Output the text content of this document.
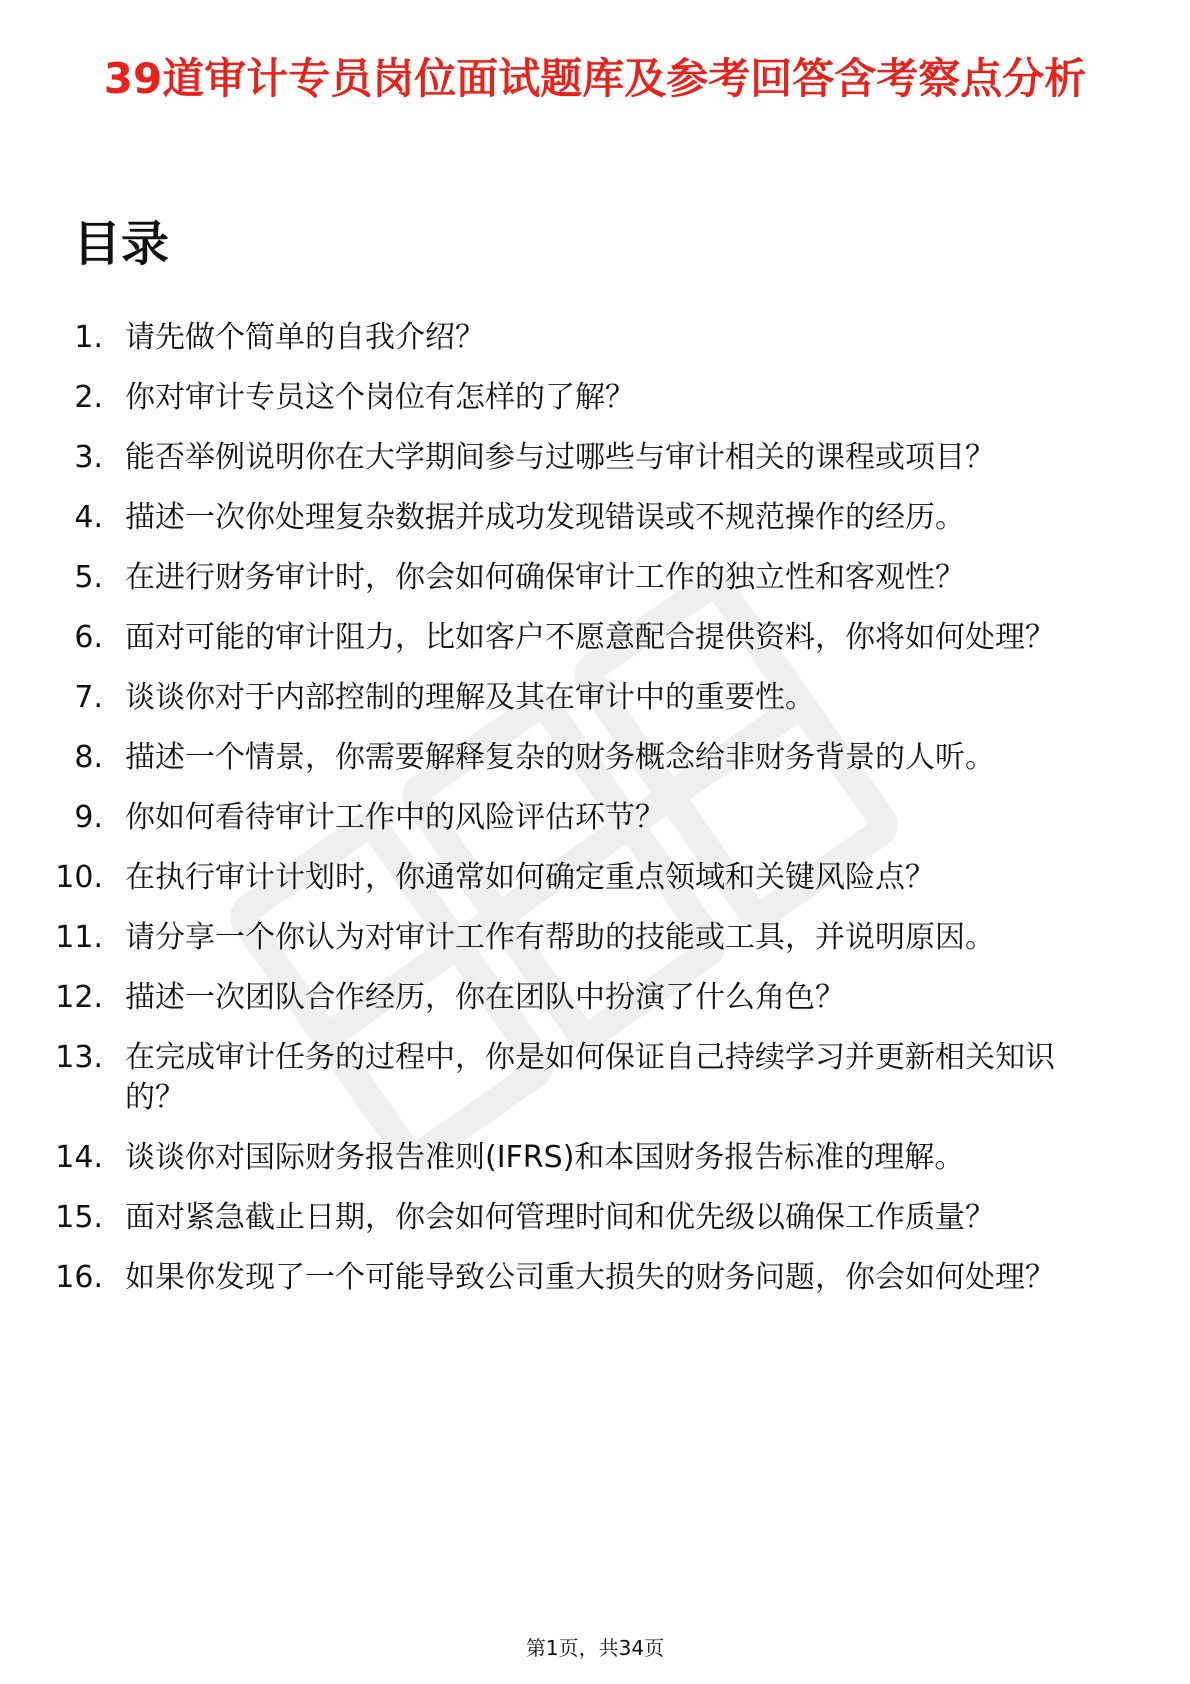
39道审计专员岗位面试题库及参考回答含考察点分析
目录
1. 请先做个简单的自我介绍？
2. 你对审计专员这个岗位有怎样的了解？
3. 能否举例说明你在大学期间参与过哪些与审计相关的课程或项目？
4. 描述一次你处理复杂数据并成功发现错误或不规范操作的经历。
5. 在进行财务审计时，你会如何确保审计工作的独立性和客观性？
6. 面对可能的审计阻力，比如客户不愿意配合提供资料，你将如何处理？
7. 谈谈你对于内部控制的理解及其在审计中的重要性。
8. 描述一个情景，你需要解释复杂的财务概念给非财务背景的人听。
9. 你如何看待审计工作中的风险评估环节？
10. 在执行审计计划时，你通常如何确定重点领域和关键风险点？
11. 请分享一个你认为对审计工作有帮助的技能或工具，并说明原因。
12. 描述一次团队合作经历，你在团队中扮演了什么角色？
13. 在完成审计任务的过程中，你是如何保证自己持续学习并更新相关知识的？
14. 谈谈你对国际财务报告准则(IFRS)和本国财务报告标准的理解。
15. 面对紧急截止日期，你会如何管理时间和优先级以确保工作质量？
16. 如果你发现了一个可能导致公司重大损失的财务问题，你会如何处理？
第1页，共34页
